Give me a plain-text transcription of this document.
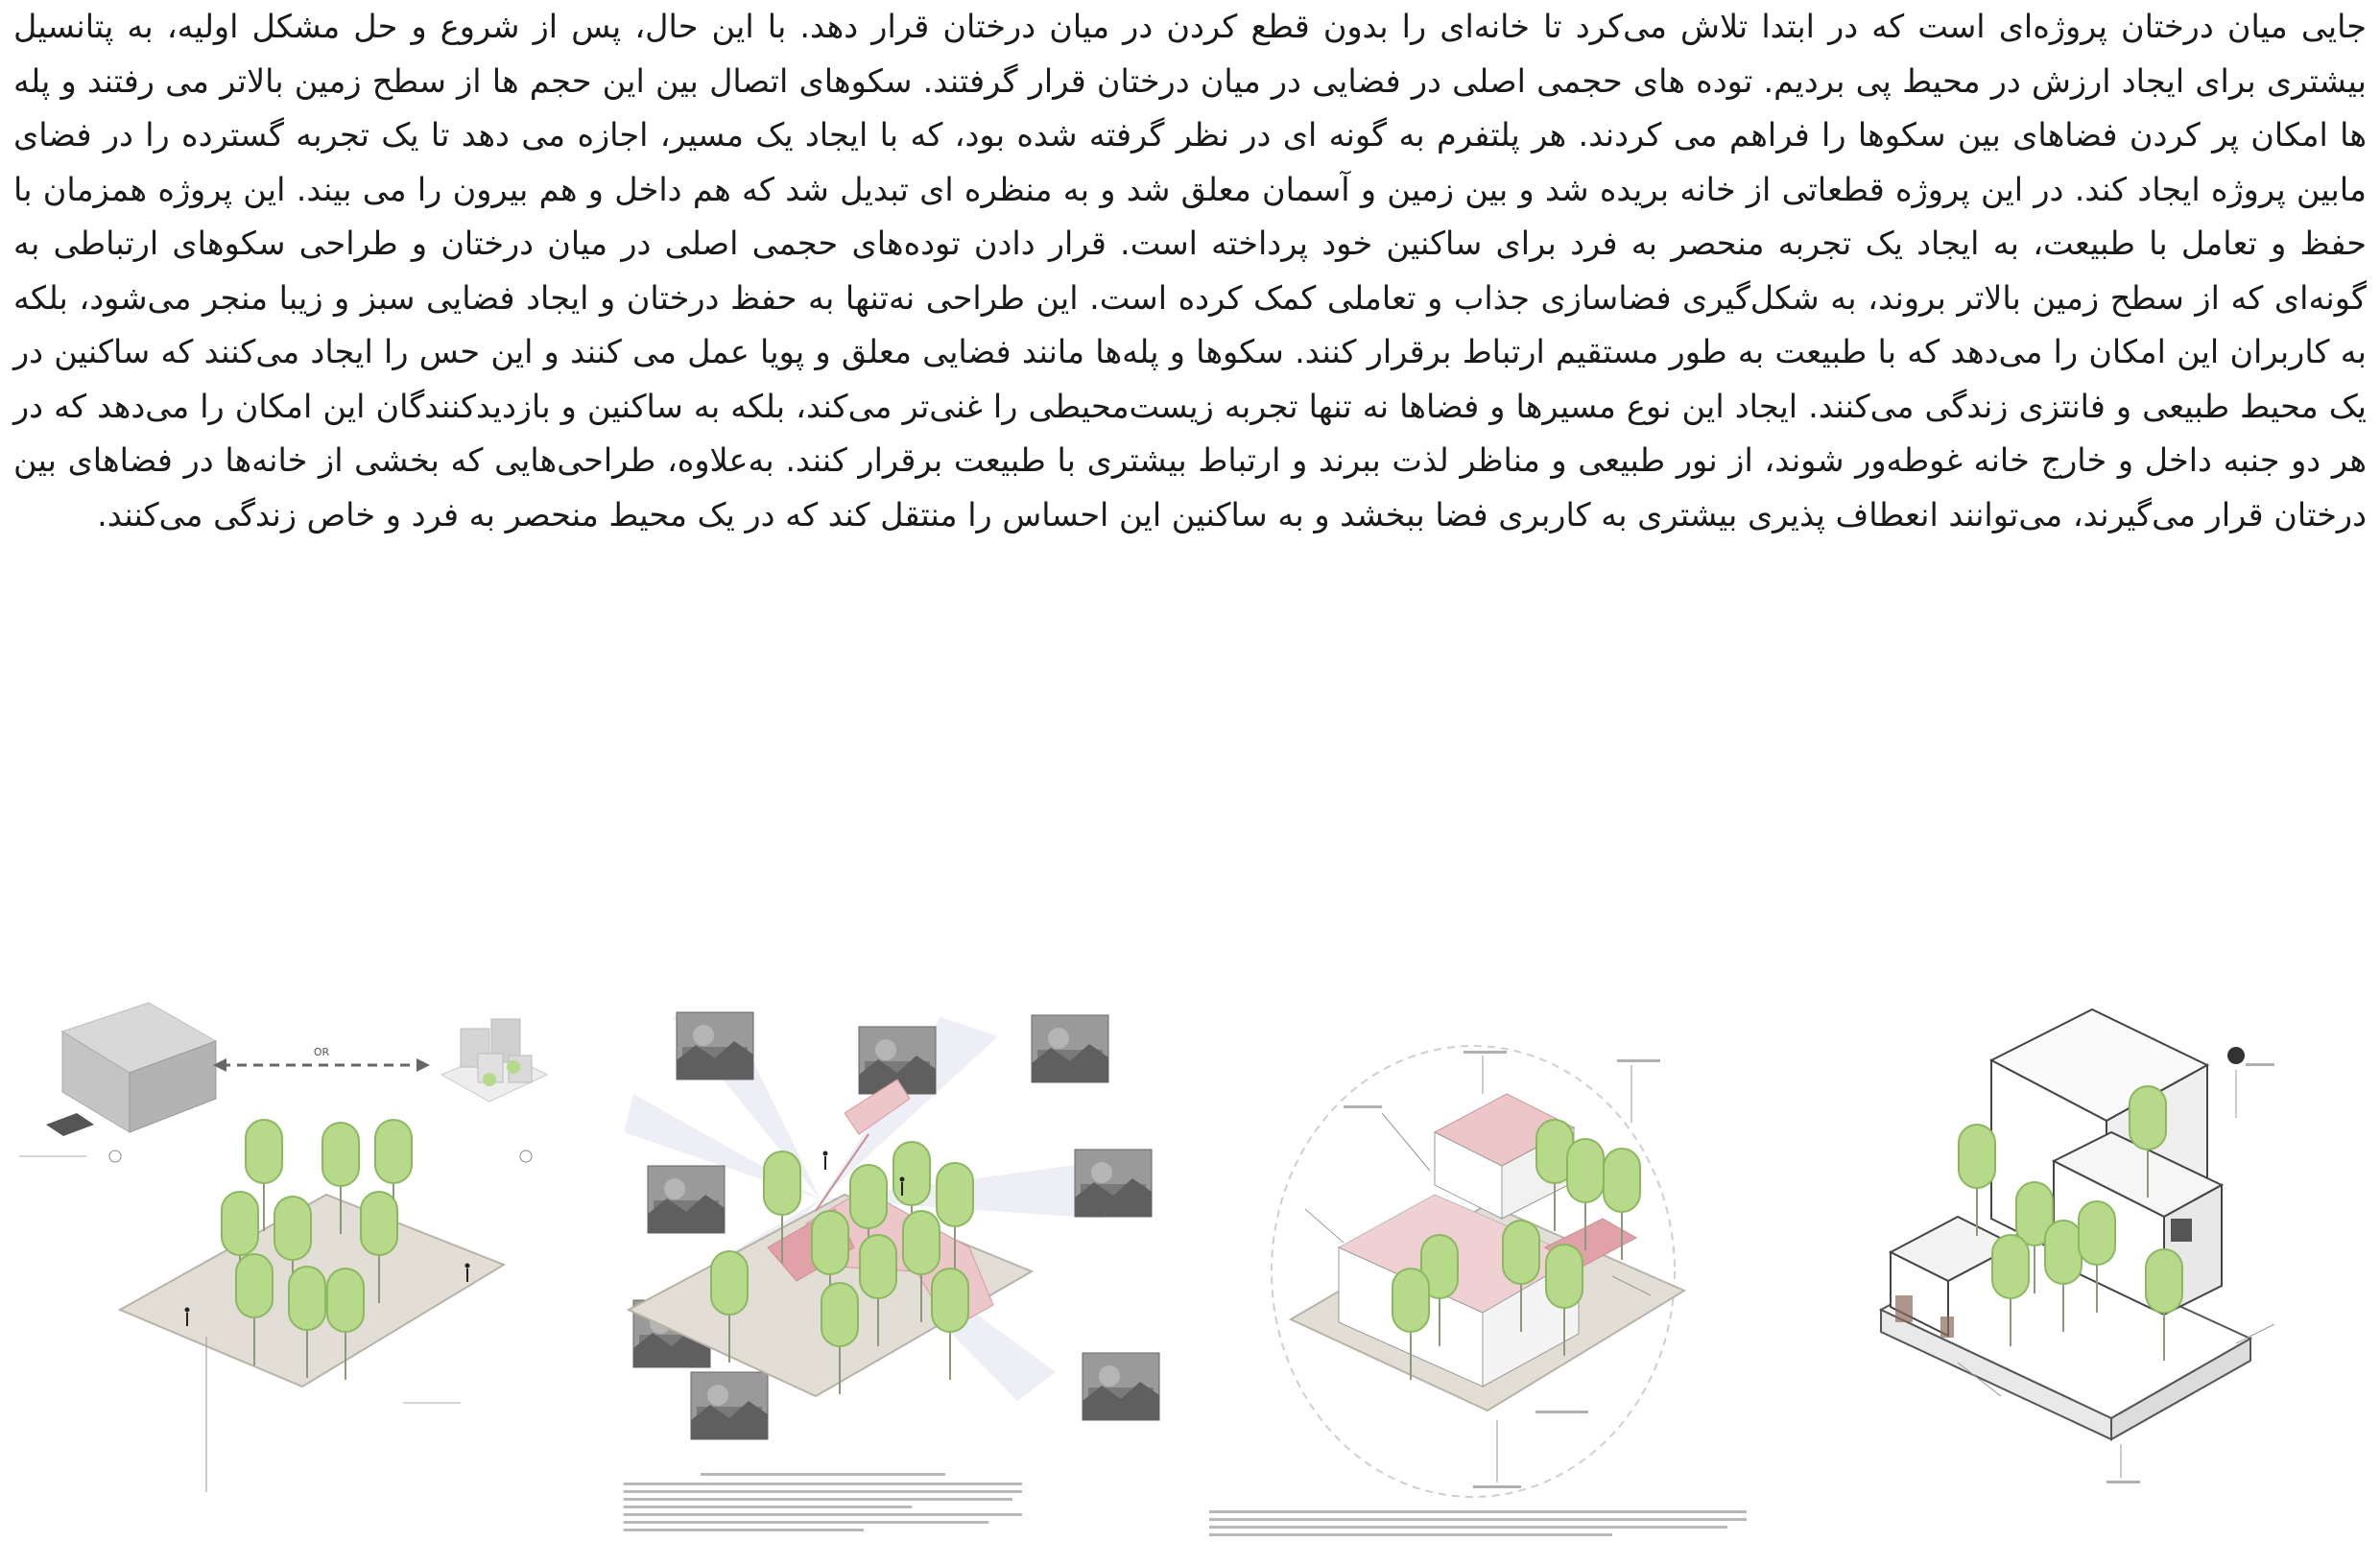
جایی میان درختان پروژه‌ای است که در ابتدا تلاش می‌کرد تا خانه‌ای را بدون قطع کردن در میان درختان قرار دهد. با این حال، پس از شروع و حل مشکل اولیه، به پتانسیل بیشتری برای ایجاد ارزش در محیط پی بردیم. توده های حجمی اصلی در فضایی در میان درختان قرار گرفتند. سکوهای اتصال بین این حجم ها از سطح زمین بالاتر می رفتند و پله ها امکان پر کردن فضاهای بین سکوها را فراهم می کردند. هر پلتفرم به گونه ای در نظر گرفته شده بود، که با ایجاد یک مسیر، اجازه می دهد تا یک تجربه گسترده را در فضای مابین پروژه ایجاد کند. در این پروژه قطعاتی از خانه بریده شد و بین زمین و آسمان معلق شد و به منظره ای تبدیل شد که هم داخل و هم بیرون را می بیند. این پروژه همزمان با حفظ و تعامل با طبیعت، به ایجاد یک تجربه منحصر به فرد برای ساکنین خود پرداخته است. قرار دادن توده‌های حجمی اصلی در میان درختان و طراحی سکوهای ارتباطی به گونه‌ای که از سطح زمین بالاتر بروند، به شکل‌گیری فضاسازی جذاب و تعاملی کمک کرده است. این طراحی نه‌تنها به حفظ درختان و ایجاد فضایی سبز و زیبا منجر می‌شود، بلکه به کاربران این امکان را می‌دهد که با طبیعت به طور مستقیم ارتباط برقرار کنند. سکوها و پله‌ها مانند فضایی معلق و پویا عمل می کنند و این حس را ایجاد می‌کنند که ساکنین در یک محیط طبیعی و فانتزی زندگی می‌کنند. ایجاد این نوع مسیرها و فضاها نه تنها تجربه زیست‌محیطی را غنی‌تر می‌کند، بلکه به ساکنین و بازدیدکنندگان این امکان را می‌دهد که در هر دو جنبه داخل و خارج خانه غوطه‌ور شوند، از نور طبیعی و مناظر لذت ببرند و ارتباط بیشتری با طبیعت برقرار کنند. به‌علاوه، طراحی‌هایی که بخشی از خانه‌ها در فضاهای بین درختان قرار می‌گیرند، می‌توانند انعطاف پذیری بیشتری به کاربری فضا ببخشد و به ساکنین این احساس را منتقل کند که در یک محیط منحصر به فرد و خاص زندگی می‌کنند.

OR
